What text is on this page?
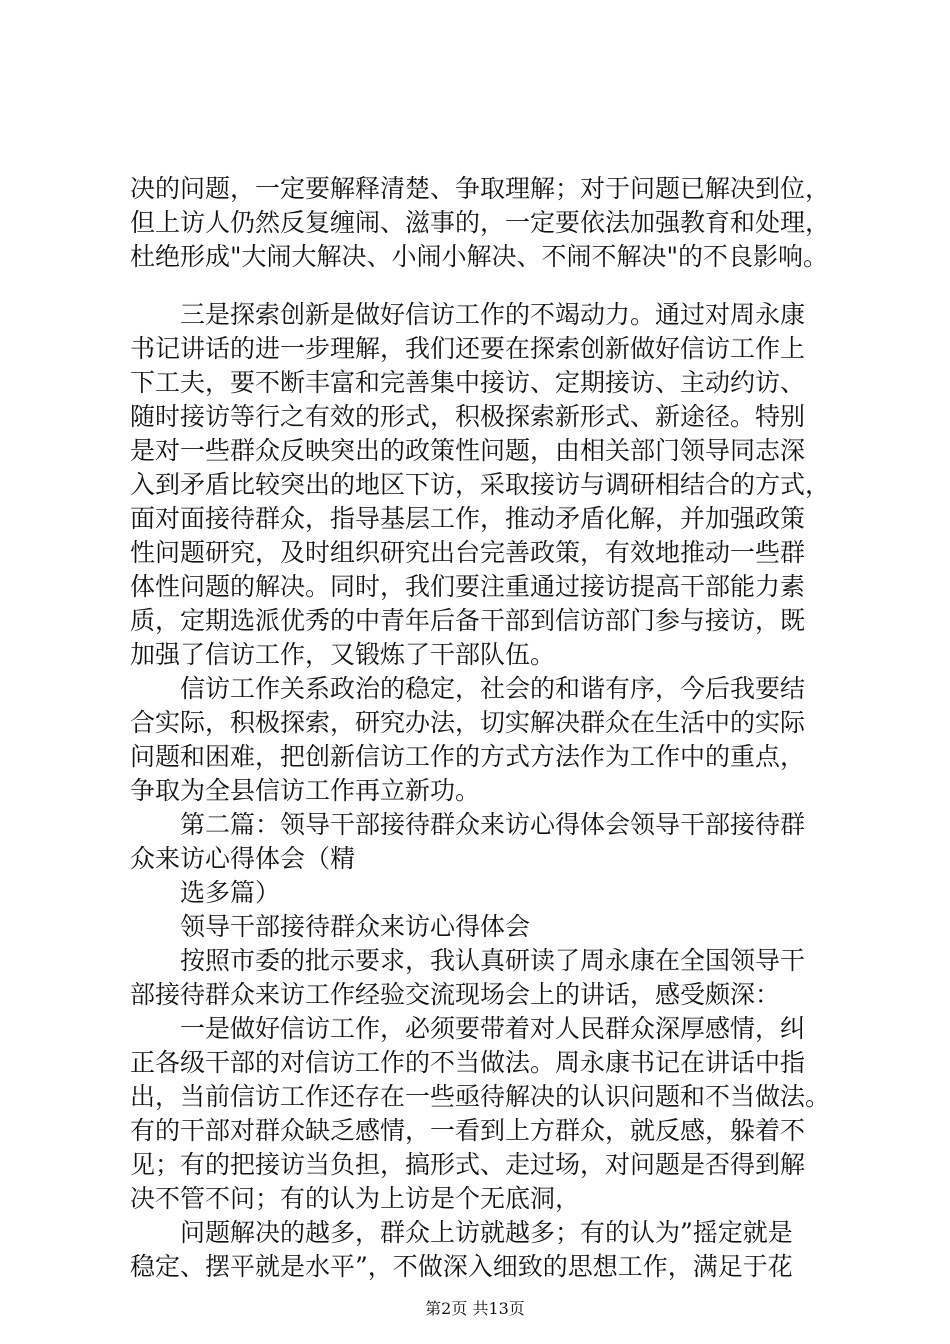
决的问题，一定要解释清楚、争取理解；对于问题已解决到位，

但上访人仍然反复缠闹、滋事的，一定要依法加强教育和处理，

杜绝形成"大闹大解决、小闹小解决、不闹不解决"的不良影响。

　　三是探索创新是做好信访工作的不竭动力。通过对周永康

书记讲话的进一步理解，我们还要在探索创新做好信访工作上

下工夫，要不断丰富和完善集中接访、定期接访、主动约访、

随时接访等行之有效的形式，积极探索新形式、新途径。特别

是对一些群众反映突出的政策性问题，由相关部门领导同志深

入到矛盾比较突出的地区下访，采取接访与调研相结合的方式，

面对面接待群众，指导基层工作，推动矛盾化解，并加强政策

性问题研究，及时组织研究出台完善政策，有效地推动一些群

体性问题的解决。同时，我们要注重通过接访提高干部能力素

质，定期选派优秀的中青年后备干部到信访部门参与接访，既

加强了信访工作，又锻炼了干部队伍。

　　信访工作关系政治的稳定，社会的和谐有序，今后我要结

合实际，积极探索，研究办法，切实解决群众在生活中的实际

问题和困难，把创新信访工作的方式方法作为工作中的重点，

争取为全县信访工作再立新功。

　　第二篇：领导干部接待群众来访心得体会领导干部接待群

众来访心得体会（精

　　选多篇）

　　领导干部接待群众来访心得体会

　　按照市委的批示要求，我认真研读了周永康在全国领导干

部接待群众来访工作经验交流现场会上的讲话，感受颇深：

　　一是做好信访工作，必须要带着对人民群众深厚感情，纠

正各级干部的对信访工作的不当做法。周永康书记在讲话中指

出，当前信访工作还存在一些亟待解决的认识问题和不当做法。

有的干部对群众缺乏感情，一看到上方群众，就反感，躲着不

见；有的把接访当负担，搞形式、走过场，对问题是否得到解

决不管不问；有的认为上访是个无底洞，

　　问题解决的越多，群众上访就越多；有的认为”摇定就是

稳定、摆平就是水平”，不做深入细致的思想工作，满足于花

第2页 共13页
